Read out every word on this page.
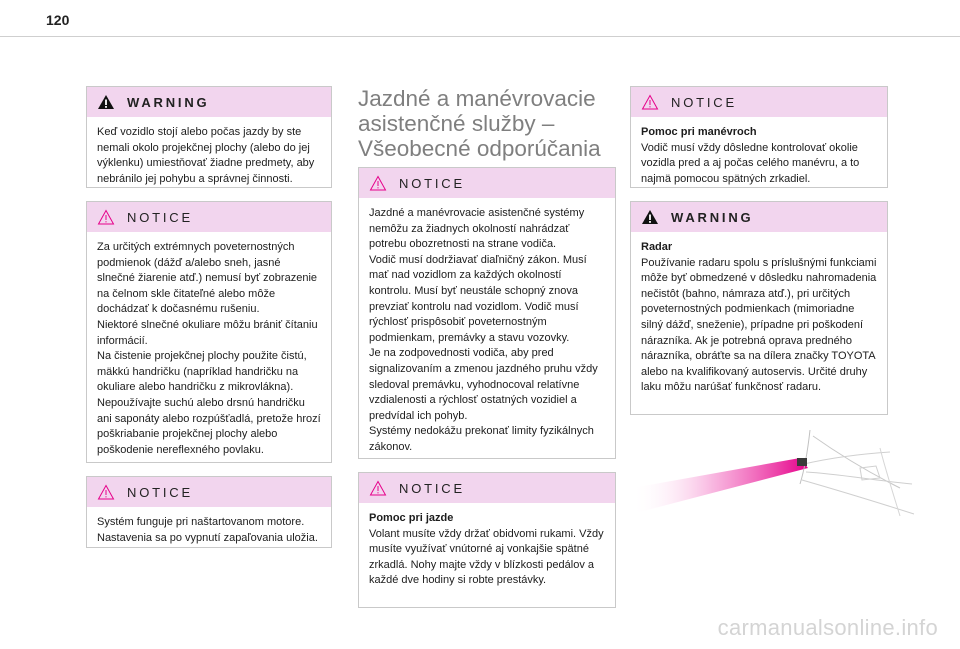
120
WARNING

Keď vozidlo stojí alebo počas jazdy by ste nemali okolo projekčnej plochy (alebo do jej výklenku) umiestňovať žiadne predmety, aby nebránilo jej pohybu a správnej činnosti.

NOTICE

Za určitých extrémnych poveternostných podmienok (dážď a/alebo sneh, jasné slnečné žiarenie atď.) nemusí byť zobrazenie na čelnom skle čitateľné alebo môže dochádzať k dočasnému rušeniu.

Niektoré slnečné okuliare môžu brániť čítaniu informácií.

Na čistenie projekčnej plochy použite čistú, mäkkú handričku (napríklad handričku na okuliare alebo handričku z mikrovlákna).

Nepoužívajte suchú alebo drsnú handričku ani saponáty alebo rozpúšťadlá, pretože hrozí poškriabanie projekčnej plochy alebo poškodenie nereflexného povlaku.

NOTICE

Systém funguje pri naštartovanom motore. Nastavenia sa po vypnutí zapaľovania uložia.

Jazdné a manévrovacie asistenčné služby – Všeobecné odporúčania
NOTICE

Jazdné a manévrovacie asistenčné systémy nemôžu za žiadnych okolností nahrádzať potrebu obozretnosti na strane vodiča.

Vodič musí dodržiavať diaľničný zákon. Musí mať nad vozidlom za každých okolností kontrolu. Musí byť neustále schopný znova prevziať kontrolu nad vozidlom. Vodič musí rýchlosť prispôsobiť poveternostným podmienkam, premávky a stavu vozovky.

Je na zodpovednosti vodiča, aby pred signalizovaním a zmenou jazdného pruhu vždy sledoval premávku, vyhodnocoval relatívne vzdialenosti a rýchlosť ostatných vozidiel a predvídal ich pohyb.

Systémy nedokážu prekonať limity fyzikálnych zákonov.

NOTICE

Pomoc pri jazde

Volant musíte vždy držať obidvomi rukami. Vždy musíte využívať vnútorné aj vonkajšie spätné zrkadlá. Nohy majte vždy v blízkosti pedálov a každé dve hodiny si robte prestávky.

NOTICE

Pomoc pri manévroch

Vodič musí vždy dôsledne kontrolovať okolie vozidla pred a aj počas celého manévru, a to najmä pomocou spätných zrkadiel.

WARNING

Radar

Používanie radaru spolu s príslušnými funkciami môže byť obmedzené v dôsledku nahromadenia nečistôt (bahno, námraza atď.), pri určitých poveternostných podmienkach (mimoriadne silný dážď, sneženie), prípadne pri poškodení nárazníka. Ak je potrebná oprava predného nárazníka, obráťte sa na dílera značky TOYOTA alebo na kvalifikovaný autoservis. Určité druhy laku môžu narúšať funkčnosť radaru.

carmanualsonline.info
